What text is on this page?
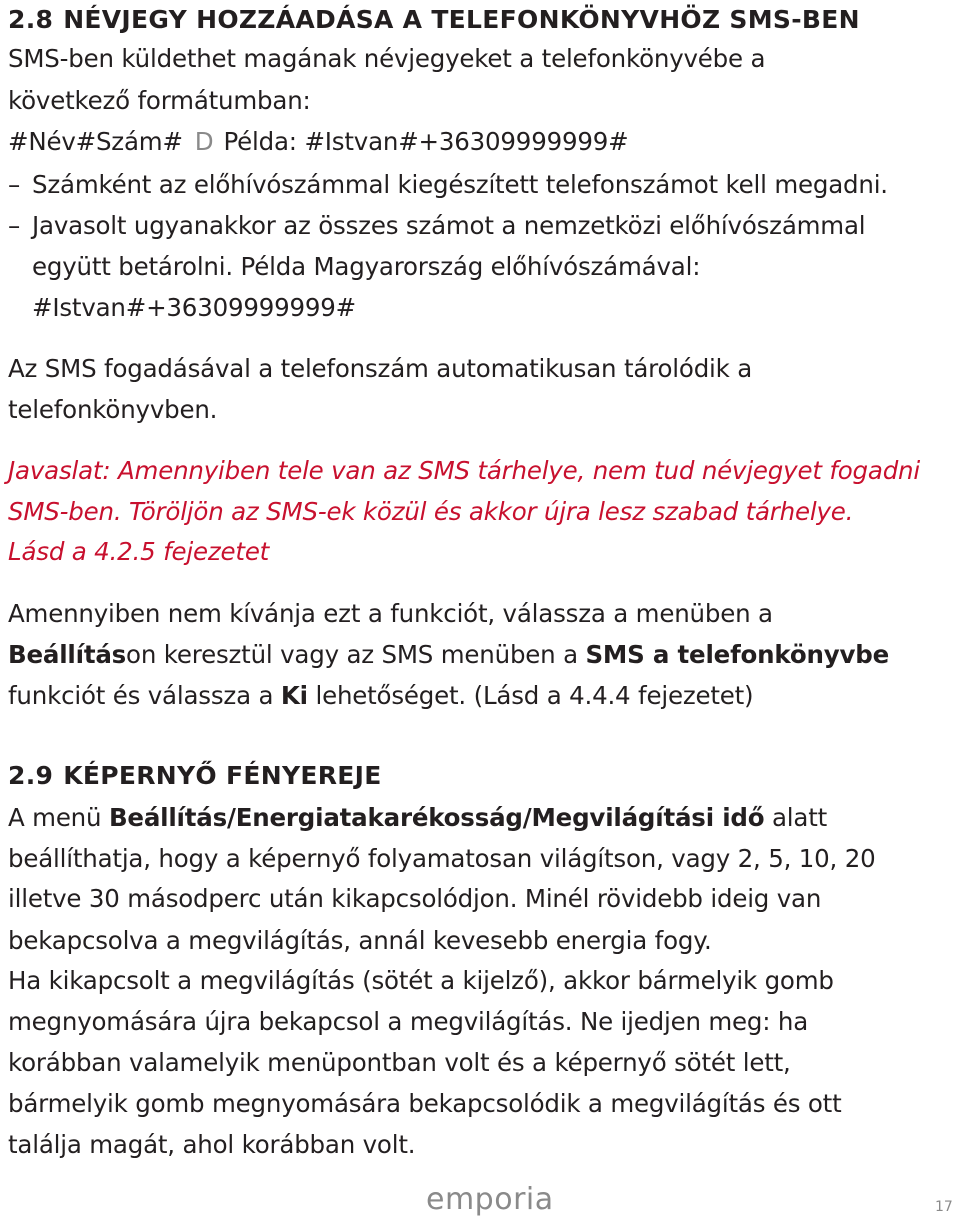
2.8 NÉVJEGY HOZZÁADÁSA A TELEFONKÖNYVHÖZ SMS-BEN
SMS-ben küldethet magának névjegyeket a telefonkönyvébe a
következő formátumban:
#Név#Szám# D Példa: #Istvan#+36309999999#
– Számként az előhívószámmal kiegészített telefonszámot kell megadni.
– Javasolt ugyanakkor az összes számot a nemzetközi előhívószámmal
együtt betárolni. Példa Magyarország előhívószámával:
#Istvan#+36309999999#
Az SMS fogadásával a telefonszám automatikusan tárolódik a
telefonkönyvben.
Javaslat: Amennyiben tele van az SMS tárhelye, nem tud névjegyet fogadni
SMS-ben. Töröljön az SMS-ek közül és akkor újra lesz szabad tárhelye.
Lásd a 4.2.5 fejezetet
Amennyiben nem kívánja ezt a funkciót, válassza a menüben a
Beállításon keresztül vagy az SMS menüben a SMS a telefonkönyvbe
funkciót és válassza a Ki lehetőséget. (Lásd a 4.4.4 fejezetet)
2.9 KÉPERNYŐ FÉNYEREJE
A menü Beállítás/Energiatakarékosság/Megvilágítási idő alatt
beállíthatja, hogy a képernyő folyamatosan világítson, vagy 2, 5, 10, 20
illetve 30 másodperc után kikapcsolódjon. Minél rövidebb ideig van
bekapcsolva a megvilágítás, annál kevesebb energia fogy.
Ha kikapcsolt a megvilágítás (sötét a kijelző), akkor bármelyik gomb
megnyomására újra bekapcsol a megvilágítás. Ne ijedjen meg: ha
korábban valamelyik menüpontban volt és a képernyő sötét lett,
bármelyik gomb megnyomására bekapcsolódik a megvilágítás és ott
találja magát, ahol korábban volt.
emporia	17
